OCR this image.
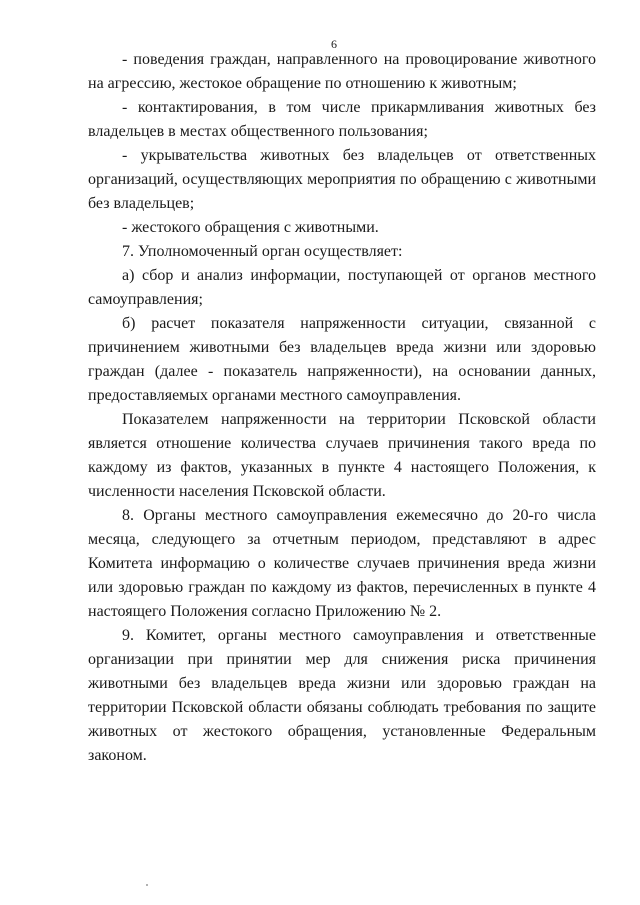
6

- поведения граждан, направленного на провоцирование животного на агрессию, жестокое обращение по отношению к животным;

- контактирования, в том числе прикармливания животных без владельцев в местах общественного пользования;

- укрывательства животных без владельцев от ответственных организаций, осуществляющих мероприятия по обращению с животными без владельцев;

- жестокого обращения с животными.

7. Уполномоченный орган осуществляет:

а) сбор и анализ информации, поступающей от органов местного самоуправления;

б) расчет показателя напряженности ситуации, связанной с причинением животными без владельцев вреда жизни или здоровью граждан (далее - показатель напряженности), на основании данных, предоставляемых органами местного самоуправления.

Показателем напряженности на территории Псковской области является отношение количества случаев причинения такого вреда по каждому из фактов, указанных в пункте 4 настоящего Положения, к численности населения Псковской области.

8. Органы местного самоуправления ежемесячно до 20-го числа месяца, следующего за отчетным периодом, представляют в адрес Комитета информацию о количестве случаев причинения вреда жизни или здоровью граждан по каждому из фактов, перечисленных в пункте 4 настоящего Положения согласно Приложению № 2.

9. Комитет, органы местного самоуправления и ответственные организации при принятии мер для снижения риска причинения животными без владельцев вреда жизни или здоровью граждан на территории Псковской области обязаны соблюдать требования по защите животных от жестокого обращения, установленные Федеральным законом.
